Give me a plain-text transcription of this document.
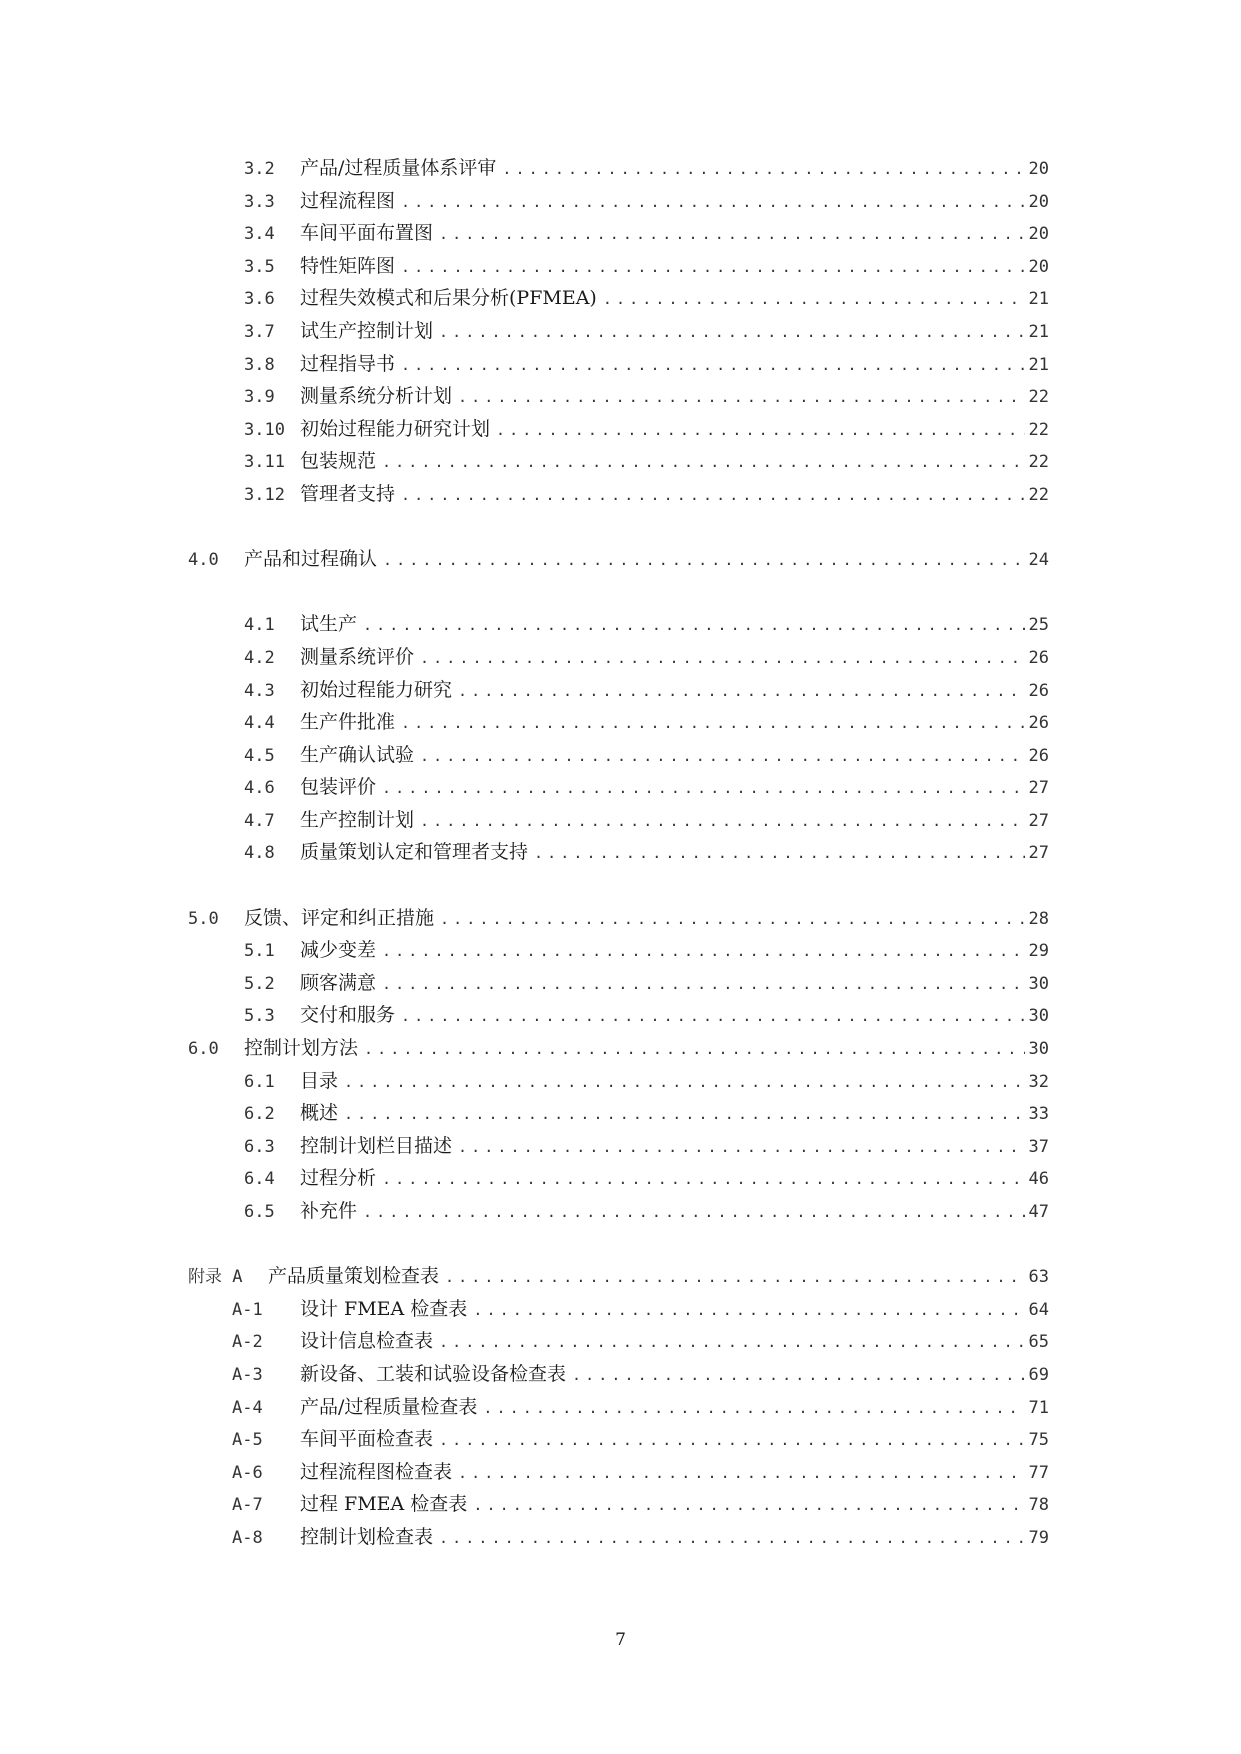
3.2	产品/过程质量体系评审 .....	20
3.3	过程流程图 .....	20
3.4	车间平面布置图 .....	20
3.5	特性矩阵图 .....	20
3.6	过程失效模式和后果分析(PFMEA) .....	21
3.7	试生产控制计划 .....	21
3.8	过程指导书 .....	21
3.9	测量系统分析计划 .....	22
3.10 初始过程能力研究计划 .....	22
3.11 包装规范 .....	22
3.12 管理者支持 .....	22
4.0	产品和过程确认 .....	24
4.1	试生产 .....	25
4.2	测量系统评价 .....	26
4.3	初始过程能力研究 .....	26
4.4	生产件批准 .....	26
4.5	生产确认试验 .....	26
4.6	包装评价 .....	27
4.7	生产控制计划 .....	27
4.8	质量策划认定和管理者支持 .....	27
5.0	反馈、评定和纠正措施 .....	28
5.1	减少变差 .....	29
5.2	顾客满意 .....	30
5.3	交付和服务 .....	30
6.0	控制计划方法 .....	30
6.1	目录 .....	32
6.2	概述 .....	33
6.3	控制计划栏目描述 .....	37
6.4	过程分析 .....	46
6.5	补充件 .....	47
附录 A	产品质量策划检查表 .....	63
A-1	设计 FMEA 检查表 .....	64
A-2	设计信息检查表 .....	65
A-3	新设备、工装和试验设备检查表 .....	69
A-4	产品/过程质量检查表 .....	71
A-5	车间平面检查表 .....	75
A-6	过程流程图检查表 .....	77
A-7	过程 FMEA 检查表 .....	78
A-8	控制计划检查表 .....	79
7
